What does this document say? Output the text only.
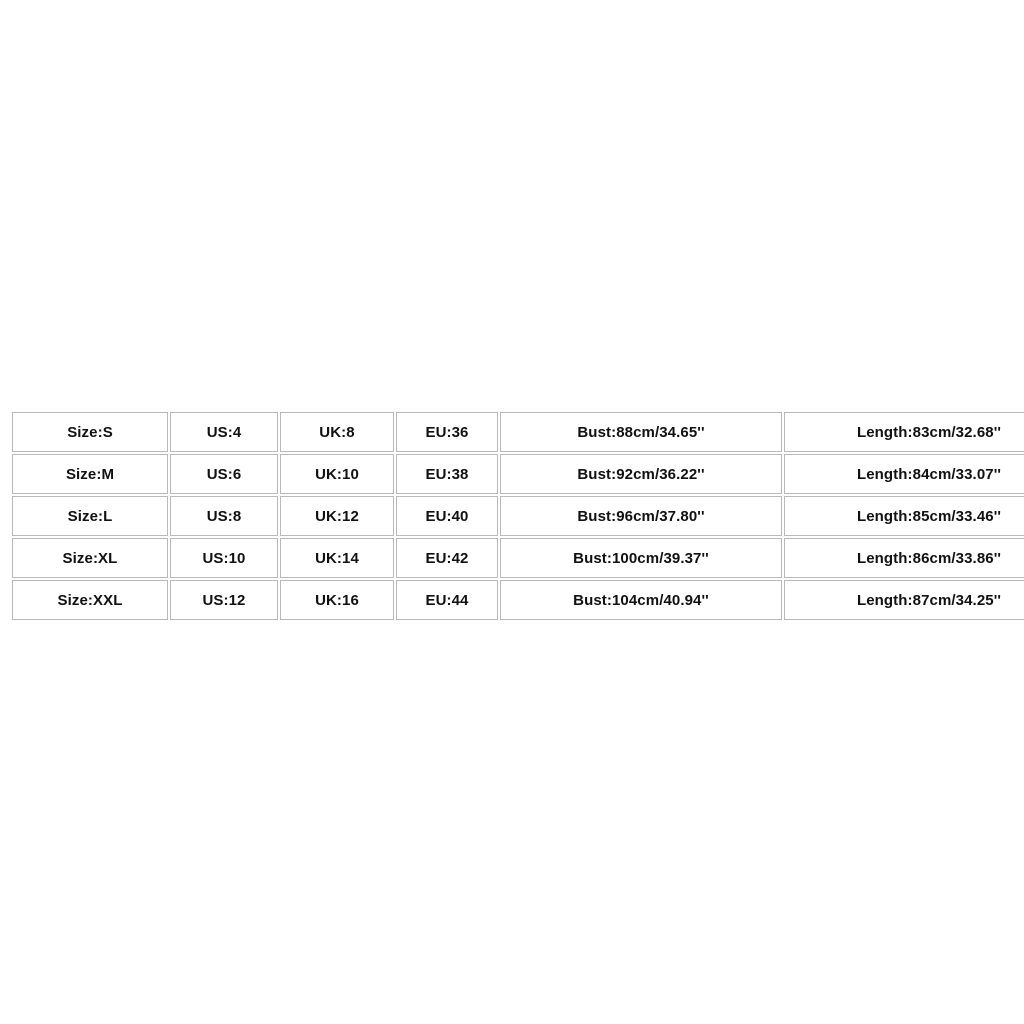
Size:S	US:4	UK:8	EU:36	Bust:88cm/34.65''	Length:83cm/32.68''
Size:M	US:6	UK:10	EU:38	Bust:92cm/36.22''	Length:84cm/33.07''
Size:L	US:8	UK:12	EU:40	Bust:96cm/37.80''	Length:85cm/33.46''
Size:XL	US:10	UK:14	EU:42	Bust:100cm/39.37''	Length:86cm/33.86''
Size:XXL	US:12	UK:16	EU:44	Bust:104cm/40.94''	Length:87cm/34.25''
